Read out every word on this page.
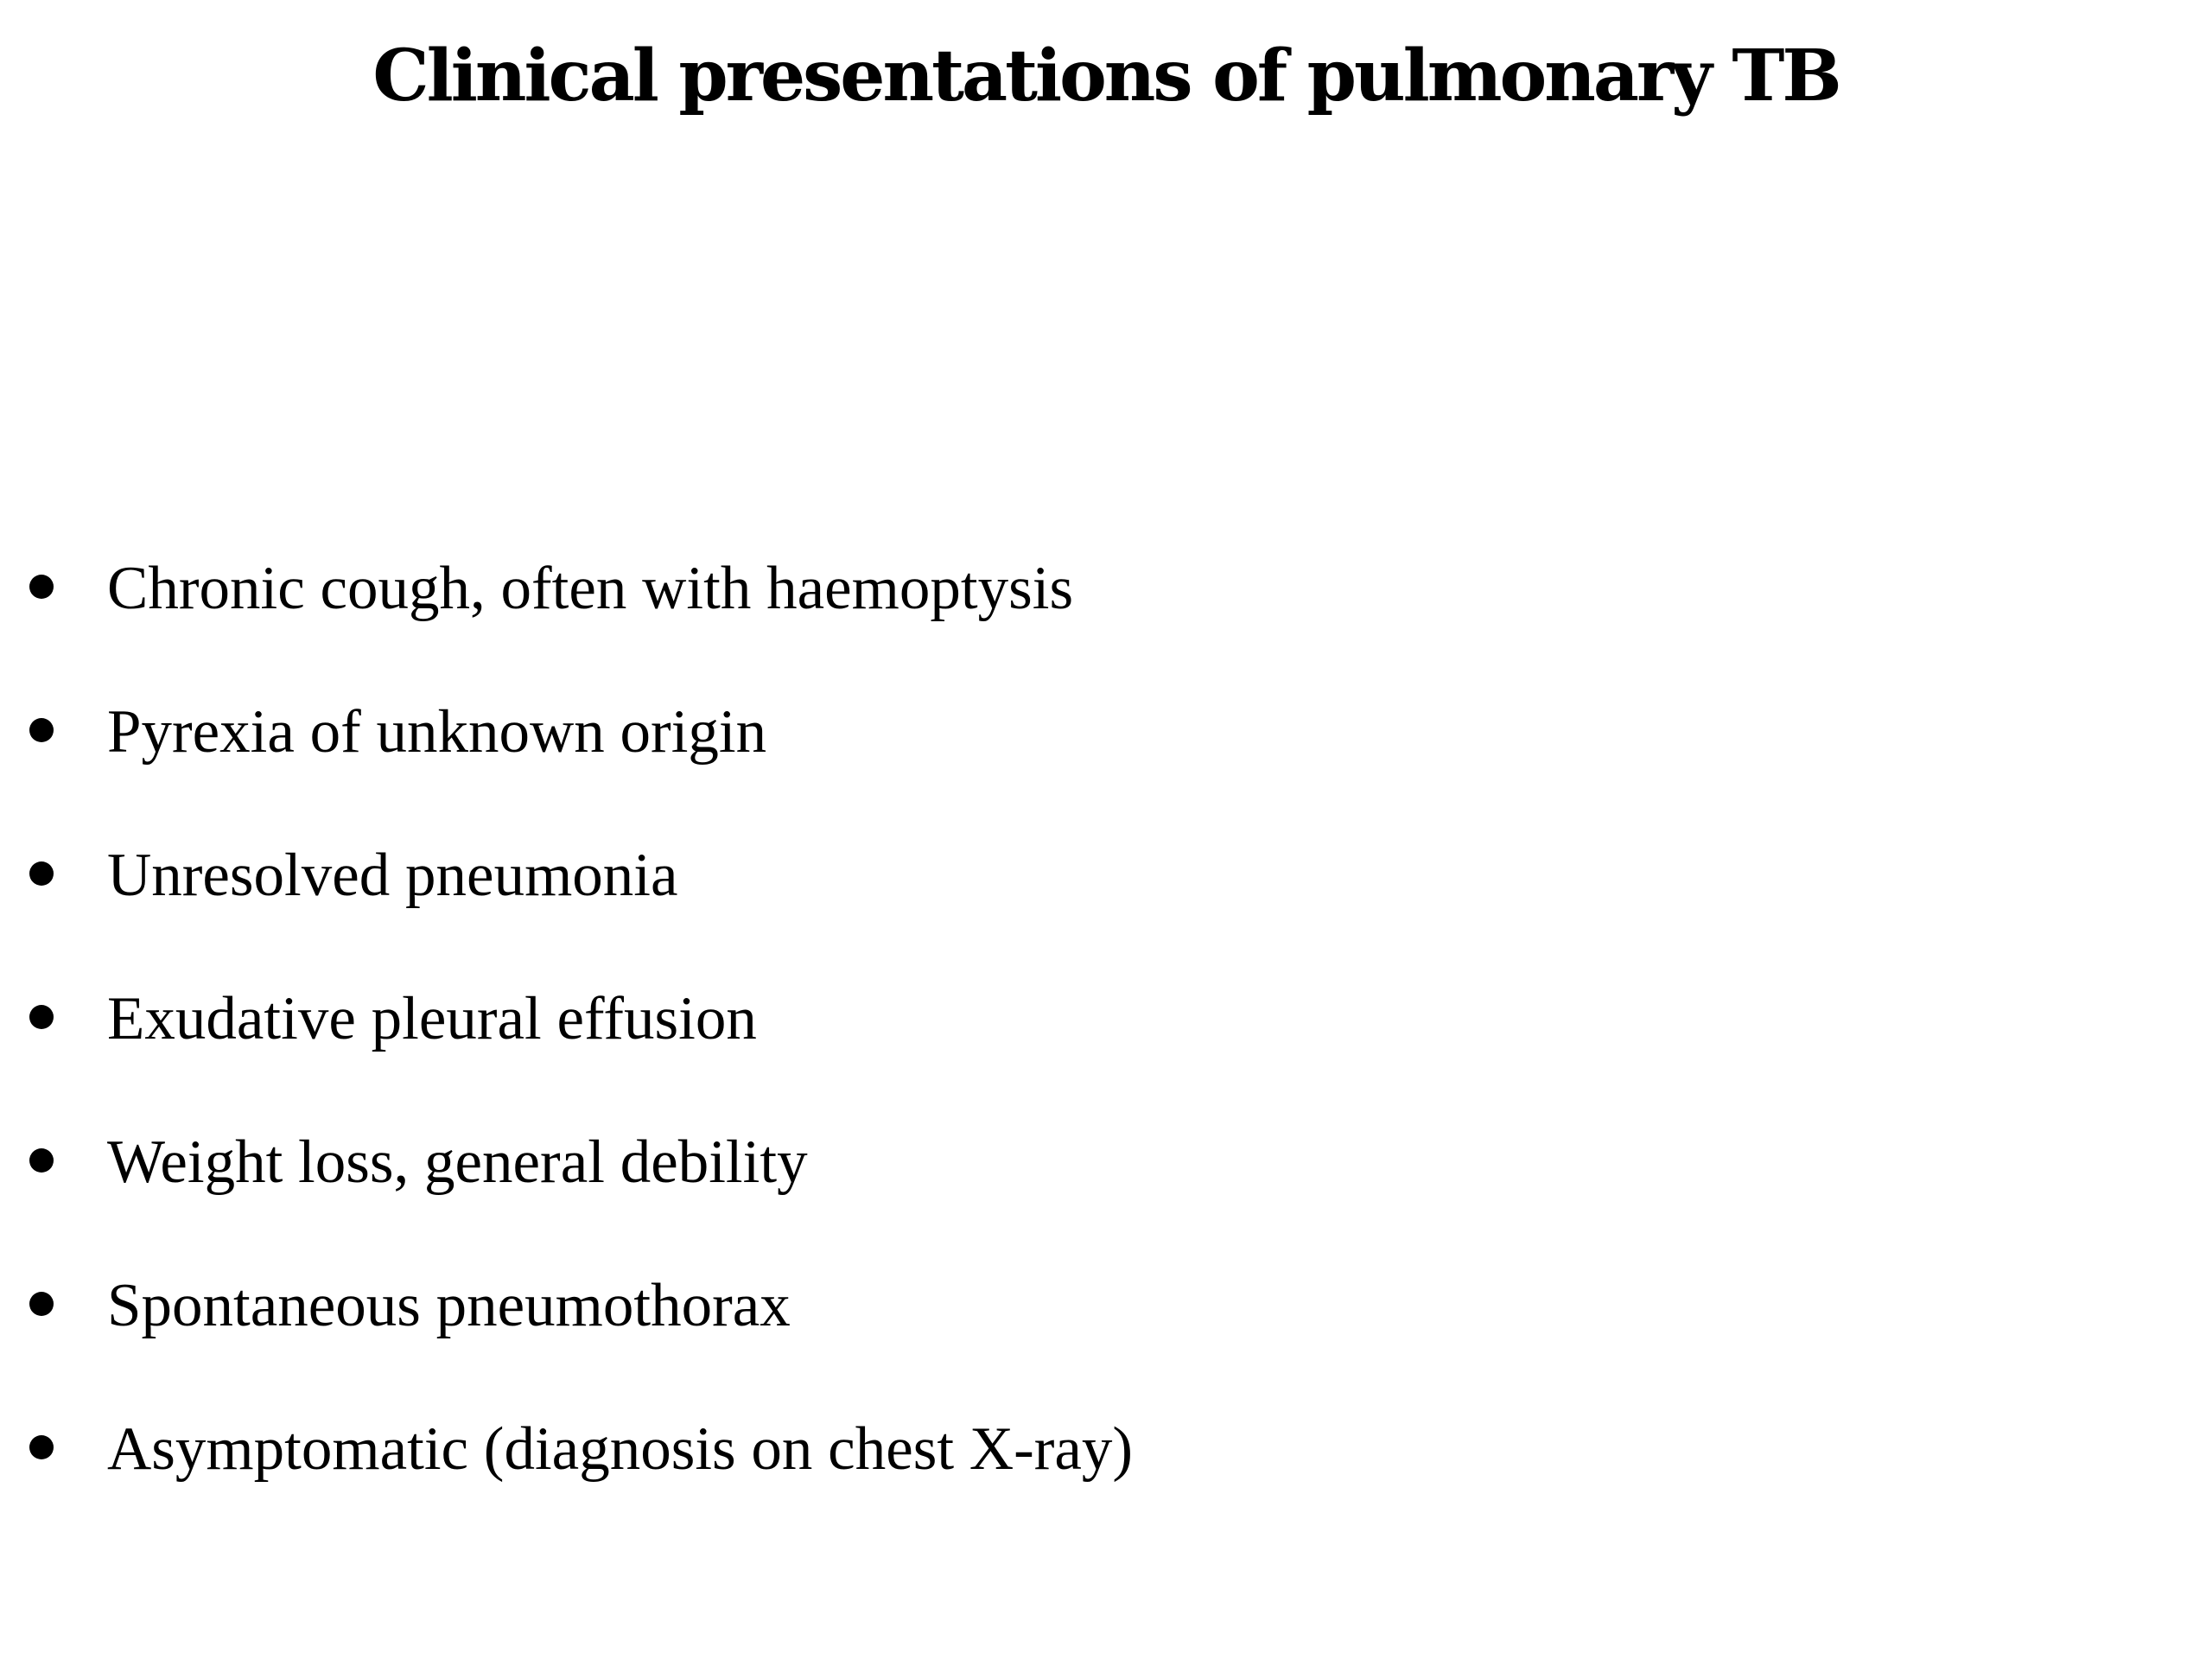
Clinical presentations of pulmonary TB
Chronic cough, often with haemoptysis
Pyrexia of unknown origin
Unresolved pneumonia
Exudative pleural effusion
Weight loss, general debility
Spontaneous pneumothorax
Asymptomatic (diagnosis on chest X-ray)
